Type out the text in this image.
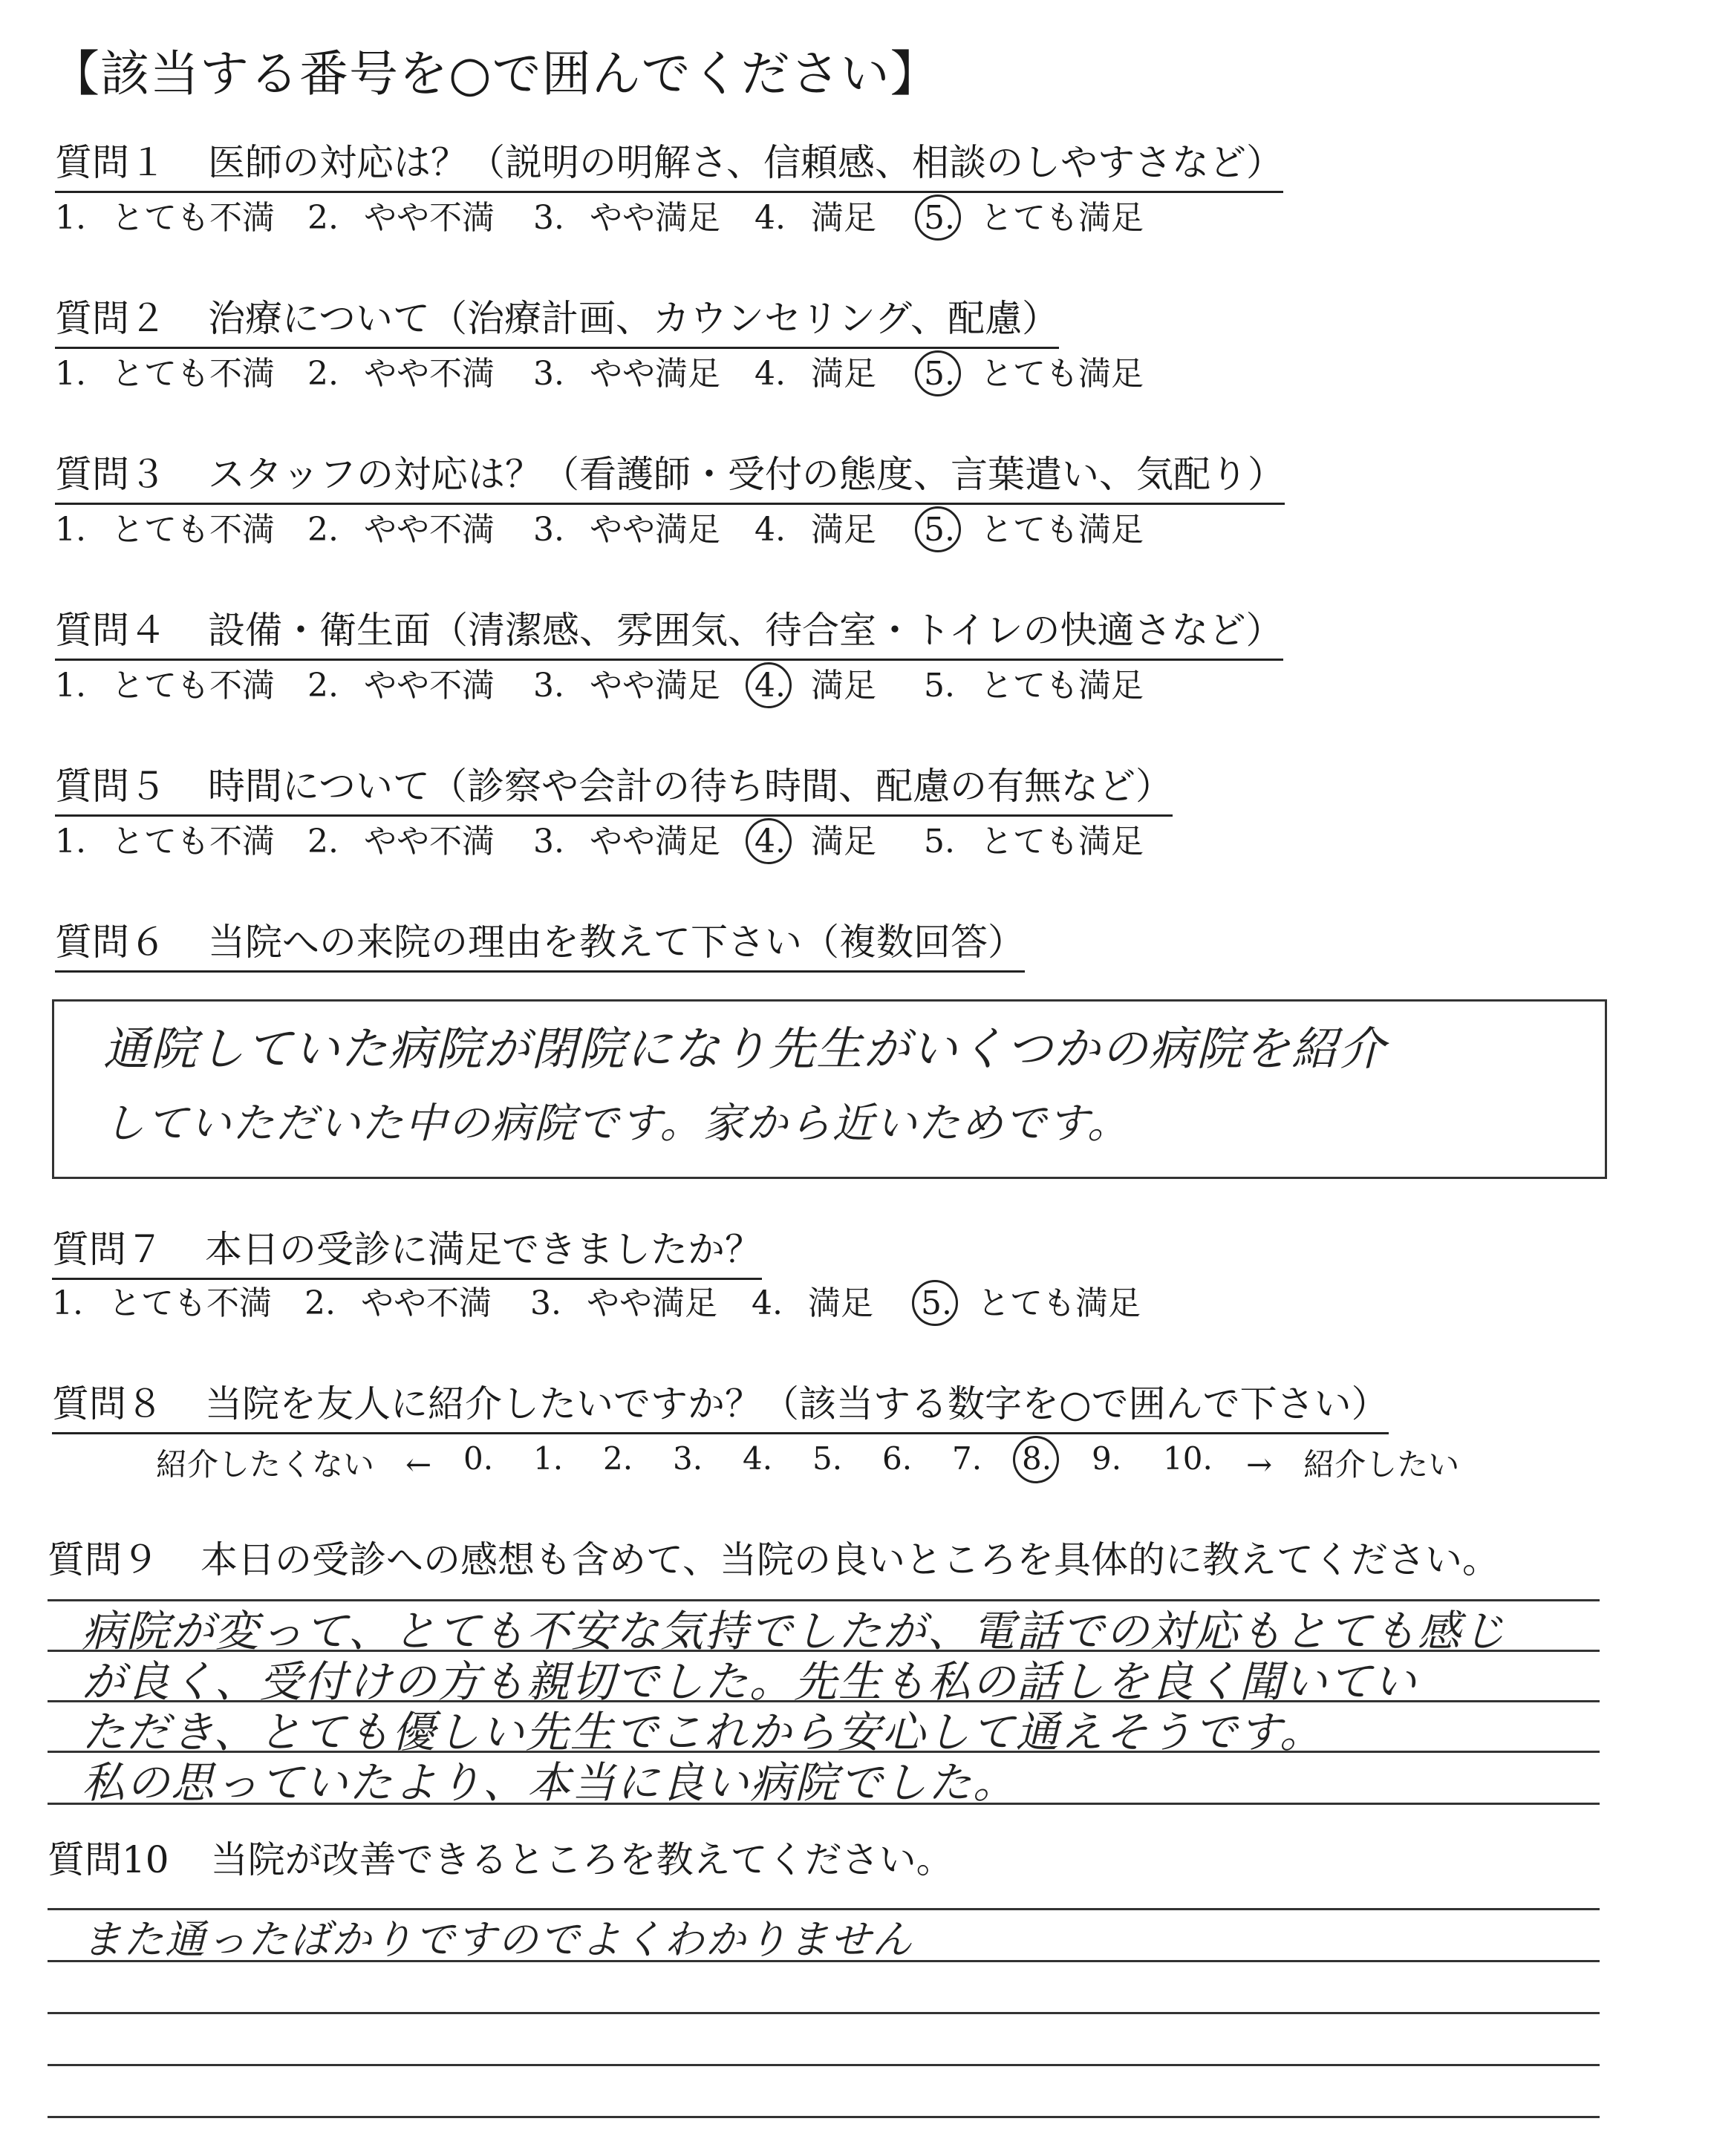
【該当する番号を○で囲んでください】
質問１ 医師の対応は？（説明の明解さ、信頼感、相談のしやすさなど）
1. とても不満 2. やや不満 3. やや満足 4. 満足 5. とても満足
質問２ 治療について（治療計画、カウンセリング、配慮）
1. とても不満 2. やや不満 3. やや満足 4. 満足 5. とても満足
質問３ スタッフの対応は？（看護師・受付の態度、言葉遣い、気配り）
1. とても不満 2. やや不満 3. やや満足 4. 満足 5. とても満足
質問４ 設備・衛生面（清潔感、雰囲気、待合室・トイレの快適さなど）
1. とても不満 2. やや不満 3. やや満足 4. 満足 5. とても満足
質問５ 時間について（診察や会計の待ち時間、配慮の有無など）
1. とても不満 2. やや不満 3. やや満足 4. 満足 5. とても満足
質問６ 当院への来院の理由を教えて下さい（複数回答）
通院していた病院が閉院になり先生がいくつかの病院を紹介
していただいた中の病院です。家から近いためです。
質問７ 本日の受診に満足できましたか？
1. とても不満 2. やや不満 3. やや満足 4. 満足 5. とても満足
質問８ 当院を友人に紹介したいですか？（該当する数字を○で囲んで下さい）
紹介したくない　←	→　紹介したい
0. 1. 2. 3. 4. 5. 6. 7. 8. 9. 10.
質問９ 本日の受診への感想も含めて、当院の良いところを具体的に教えてください。
病院が変って、とても不安な気持でしたが、電話での対応もとても感じ
が良く、受付けの方も親切でした。先生も私の話しを良く聞いてい
ただき、とても優しい先生でこれから安心して通えそうです。
私の思っていたより、本当に良い病院でした。
質問10 当院が改善できるところを教えてください。
また通ったばかりですのでよくわかりません
